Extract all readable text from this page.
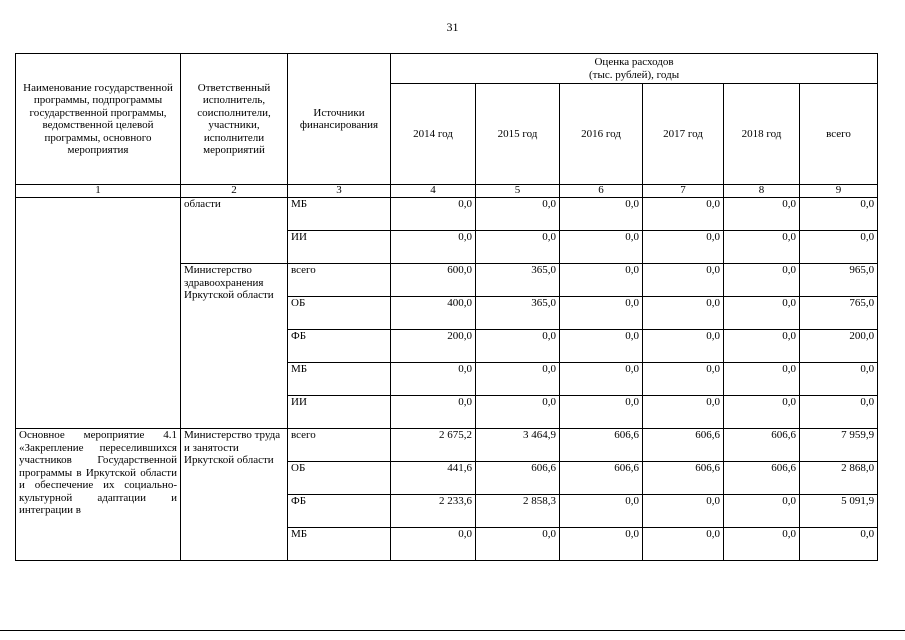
31
Наименование государственной программы, подпрограммы государственной программы, ведомственной целевой программы, основного мероприятия	Ответственный исполнитель, соисполнители, участники, исполнители мероприятий	Источники финансирования	Оценка расходов
(тыс. рублей), годы					
			2014 год	2015 год	2016 год	2017 год	2018 год	всего
1	2	3	4	5	6	7	8	9
	области	МБ	0,0	0,0	0,0	0,0	0,0	0,0
		ИИ	0,0	0,0	0,0	0,0	0,0	0,0
	Министерство здравоохранения Иркутской области	всего	600,0	365,0	0,0	0,0	0,0	965,0
		ОБ	400,0	365,0	0,0	0,0	0,0	765,0
		ФБ	200,0	0,0	0,0	0,0	0,0	200,0
		МБ	0,0	0,0	0,0	0,0	0,0	0,0
		ИИ	0,0	0,0	0,0	0,0	0,0	0,0
Основное мероприятие 4.1 «Закрепление переселившихся участников Государственной программы в Иркутской области и обеспечение их социально-культурной адаптации и интеграции в	Министерство труда и занятости Иркутской области	всего	2 675,2	3 464,9	606,6	606,6	606,6	7 959,9
		ОБ	441,6	606,6	606,6	606,6	606,6	2 868,0
		ФБ	2 233,6	2 858,3	0,0	0,0	0,0	5 091,9
		МБ	0,0	0,0	0,0	0,0	0,0	0,0
